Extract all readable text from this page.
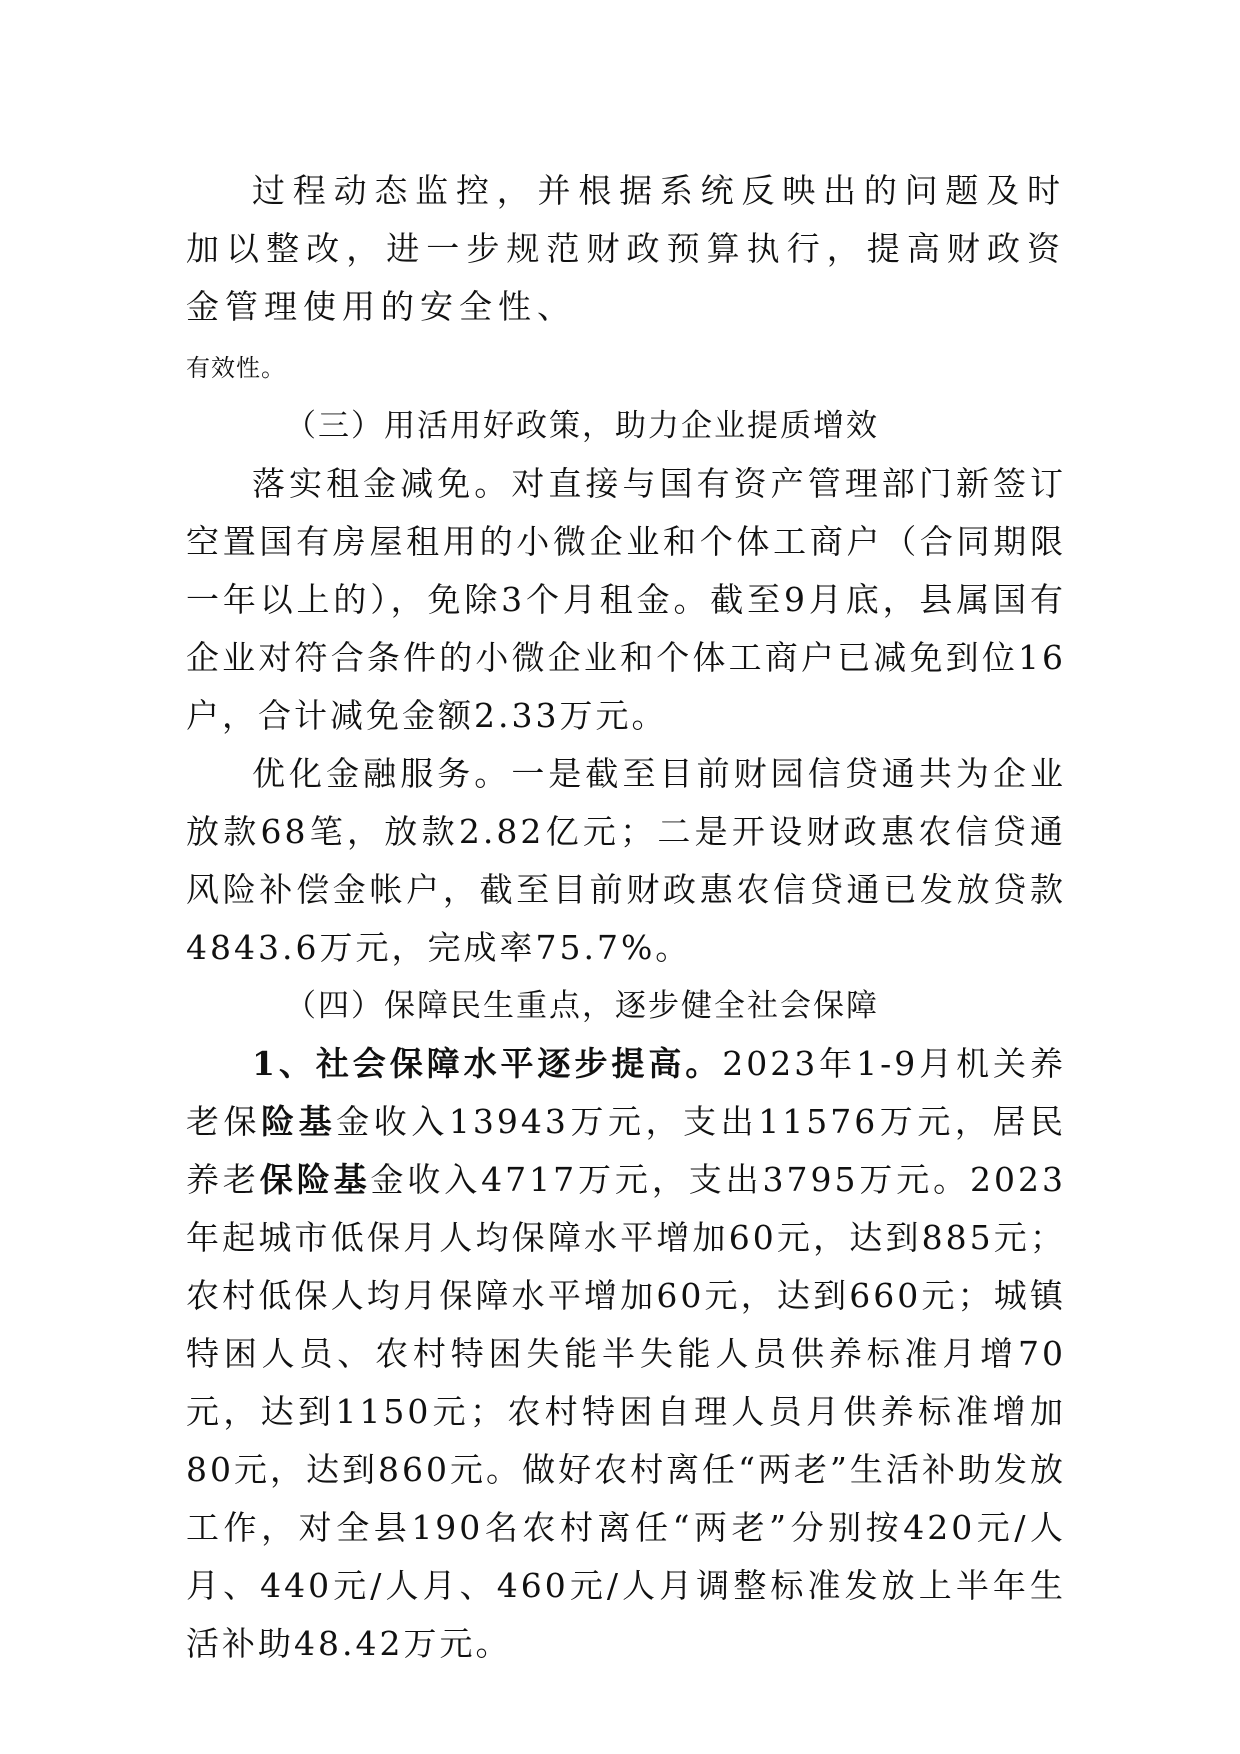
过程动态监控，并根据系统反映出的问题及时加以整改，进一步规范财政预算执行，提高财政资金管理使用的安全性、
有效性。

（三）用活用好政策，助力企业提质增效

落实租金减免。对直接与国有资产管理部门新签订空置国有房屋租用的小微企业和个体工商户（合同期限一年以上的），免除3个月租金。截至9月底，县属国有企业对符合条件的小微企业和个体工商户已减免到位16户，合计减免金额2.33万元。

优化金融服务。一是截至目前财园信贷通共为企业放款68笔，放款2.82亿元；二是开设财政惠农信贷通风险补偿金帐户，截至目前财政惠农信贷通已发放贷款4843.6万元，完成率75.7%。

（四）保障民生重点，逐步健全社会保障

1、社会保障水平逐步提高。2023年1-9月机关养老保险基金收入13943万元，支出11576万元，居民养老保险基金收入4717万元，支出3795万元。2023年起城市低保月人均保障水平增加60元，达到885元；农村低保人均月保障水平增加60元，达到660元；城镇特困人员、农村特困失能半失能人员供养标准月增70元，达到1150元；农村特困自理人员月供养标准增加80元，达到860元。做好农村离任“两老”生活补助发放工作，对全县190名农村离任“两老”分别按420元/人月、440元/人月、460元/人月调整标准发放上半年生活补助48.42万元。
